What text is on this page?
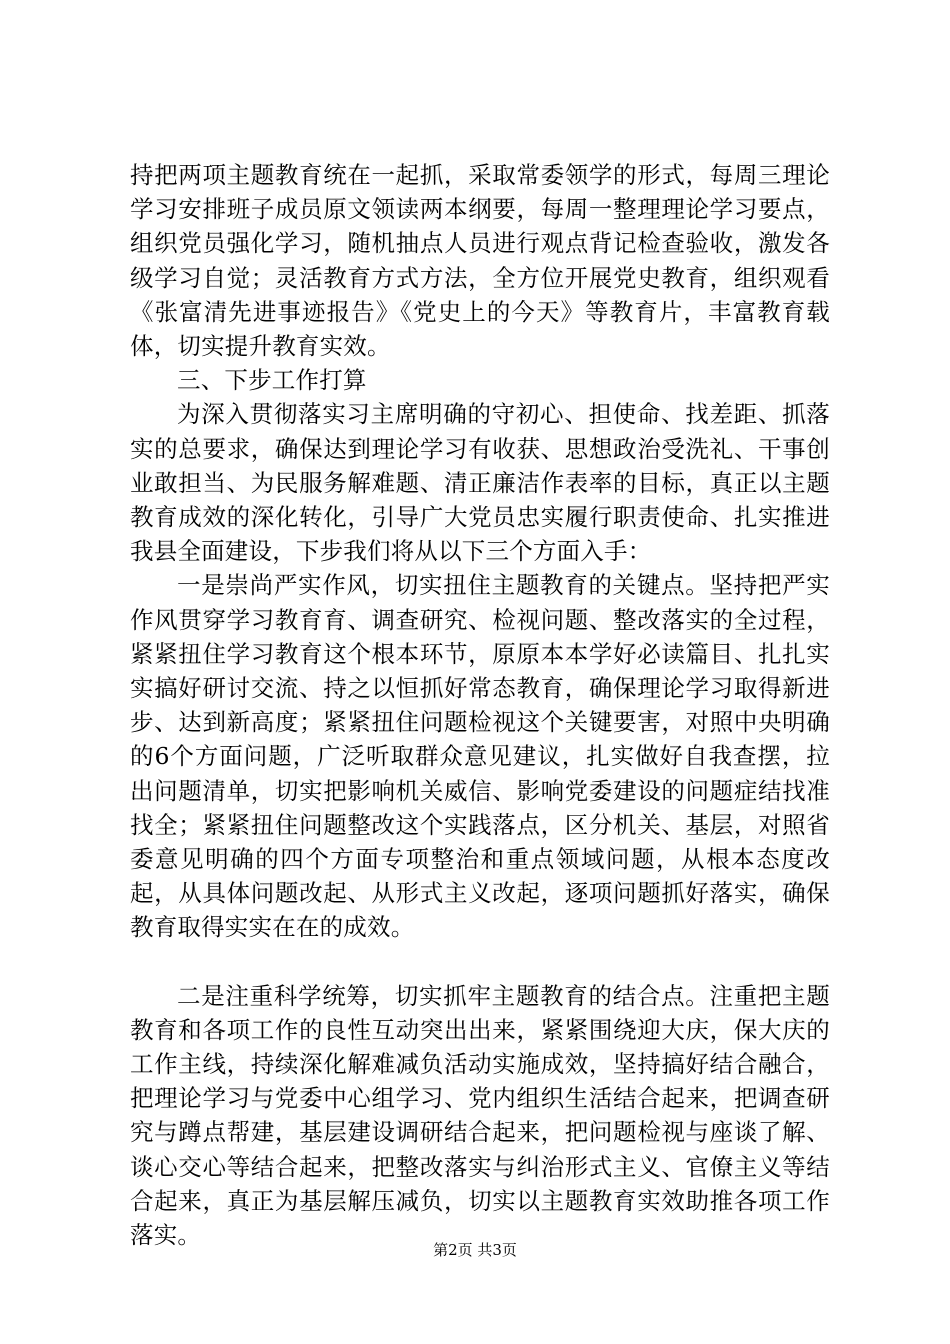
持把两项主题教育统在一起抓，采取常委领学的形式，每周三理论学习安排班子成员原文领读两本纲要，每周一整理理论学习要点，组织党员强化学习，随机抽点人员进行观点背记检查验收，激发各级学习自觉；灵活教育方式方法，全方位开展党史教育，组织观看《张富清先进事迹报告》《党史上的今天》等教育片，丰富教育载体，切实提升教育实效。

三、下步工作打算

为深入贯彻落实习主席明确的守初心、担使命、找差距、抓落实的总要求，确保达到理论学习有收获、思想政治受洗礼、干事创业敢担当、为民服务解难题、清正廉洁作表率的目标，真正以主题教育成效的深化转化，引导广大党员忠实履行职责使命、扎实推进我县全面建设，下步我们将从以下三个方面入手：

一是崇尚严实作风，切实扭住主题教育的关键点。坚持把严实作风贯穿学习教育育、调查研究、检视问题、整改落实的全过程，紧紧扭住学习教育这个根本环节，原原本本学好必读篇目、扎扎实实搞好研讨交流、持之以恒抓好常态教育，确保理论学习取得新进步、达到新高度；紧紧扭住问题检视这个关键要害，对照中央明确的6个方面问题，广泛听取群众意见建议，扎实做好自我查摆，拉出问题清单，切实把影响机关威信、影响党委建设的问题症结找准找全；紧紧扭住问题整改这个实践落点，区分机关、基层，对照省委意见明确的四个方面专项整治和重点领域问题，从根本态度改起，从具体问题改起、从形式主义改起，逐项问题抓好落实，确保教育取得实实在在的成效。

二是注重科学统筹，切实抓牢主题教育的结合点。注重把主题教育和各项工作的良性互动突出出来，紧紧围绕迎大庆，保大庆的工作主线，持续深化解难减负活动实施成效，坚持搞好结合融合，把理论学习与党委中心组学习、党内组织生活结合起来，把调查研究与蹲点帮建，基层建设调研结合起来，把问题检视与座谈了解、谈心交心等结合起来，把整改落实与纠治形式主义、官僚主义等结合起来，真正为基层解压减负，切实以主题教育实效助推各项工作落实。

第2页 共3页
